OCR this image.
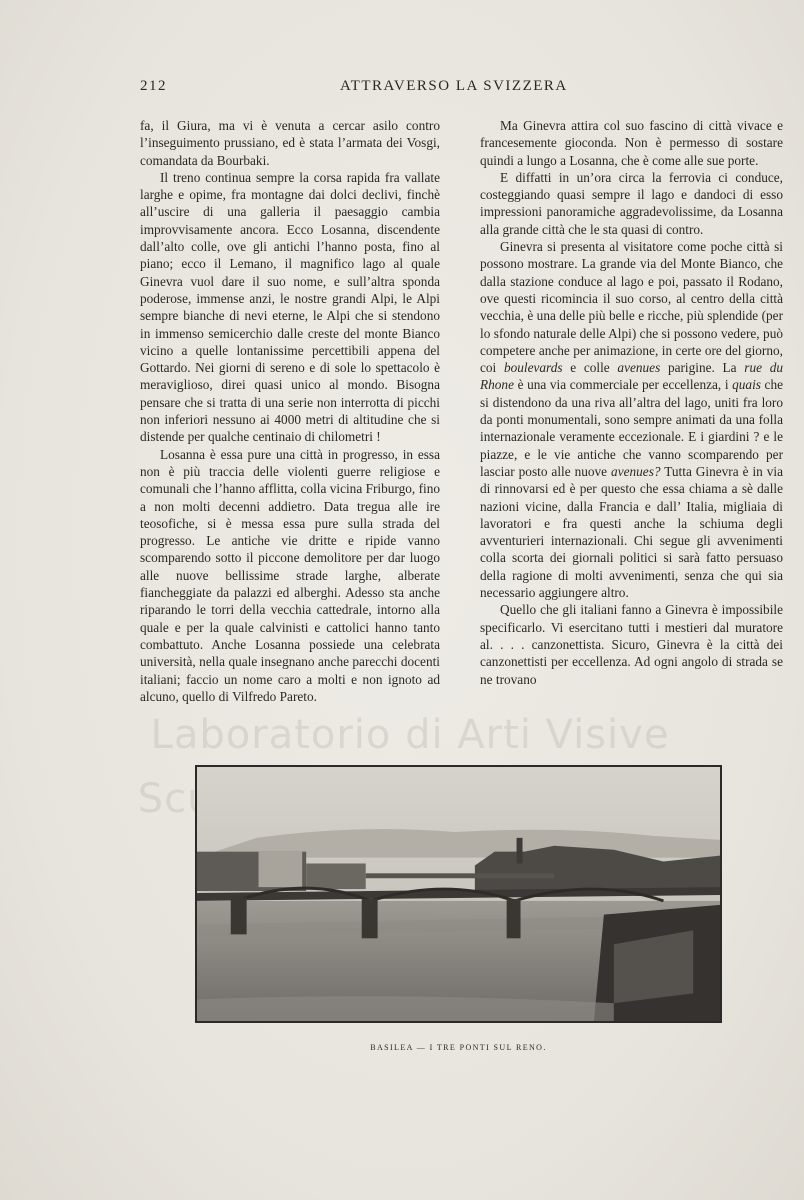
212	ATTRAVERSO LA SVIZZERA

fa, il Giura, ma vi è venuta a cercar asilo contro l’inseguimento prussiano, ed è stata l’armata dei Vosgi, comandata da Bourbaki.

Il treno continua sempre la corsa rapida fra vallate larghe e opime, fra montagne dai dolci declivi, finchè all’uscire di una galleria il paesaggio cambia improvvisamente ancora. Ecco Losanna, discendente dall’alto colle, ove gli antichi l’hanno posta, fino al piano; ecco il Lemano, il magnifico lago al quale Ginevra vuol dare il suo nome, e sull’altra sponda poderose, immense anzi, le nostre grandi Alpi, le Alpi sempre bianche di nevi eterne, le Alpi che si stendono in immenso semicerchio dalle creste del monte Bianco vicino a quelle lontanissime percettibili appena del Gottardo. Nei giorni di sereno e di sole lo spettacolo è meraviglioso, direi quasi unico al mondo. Bisogna pensare che si tratta di una serie non interrotta di picchi non inferiori nessuno ai 4000 metri di altitudine che si distende per qualche centinaio di chilometri !

Losanna è essa pure una città in progresso, in essa non è più traccia delle violenti guerre religiose e comunali che l’hanno afflitta, colla vicina Friburgo, fino a non molti decenni addietro. Data tregua alle ire teosofiche, si è messa essa pure sulla strada del progresso. Le antiche vie dritte e ripide vanno scomparendo sotto il piccone demolitore per dar luogo alle nuove bellissime strade larghe, alberate fiancheggiate da palazzi ed alberghi. Adesso sta anche riparando le torri della vecchia cattedrale, intorno alla quale e per la quale calvinisti e cattolici hanno tanto combattuto. Anche Losanna possiede una celebrata università, nella quale insegnano anche parecchi docenti italiani; faccio un nome caro a molti e non ignoto ad alcuno, quello di Vilfredo Pareto.

Ma Ginevra attira col suo fascino di città vivace e francesemente gioconda. Non è permesso di sostare quindi a lungo a Losanna, che è come alle sue porte.

E diffatti in un’ora circa la ferrovia ci conduce, costeggiando quasi sempre il lago e dandoci di esso impressioni panoramiche aggradevolissime, da Losanna alla grande città che le sta quasi di contro.

Ginevra si presenta al visitatore come poche città si possono mostrare. La grande via del Monte Bianco, che dalla stazione conduce al lago e poi, passato il Rodano, ove questi ricomincia il suo corso, al centro della città vecchia, è una delle più belle e ricche, più splendide (per lo sfondo naturale delle Alpi) che si possono vedere, può competere anche per animazione, in certe ore del giorno, coi boulevards e colle avenues parigine. La rue du Rhone è una via commerciale per eccellenza, i quais che si distendono da una riva all’altra del lago, uniti fra loro da ponti monumentali, sono sempre animati da una folla internazionale veramente eccezionale. E i giardini ? e le piazze, e le vie antiche che vanno scomparendo per lasciar posto alle nuove avenues? Tutta Ginevra è in via di rinnovarsi ed è per questo che essa chiama a sè dalle nazioni vicine, dalla Francia e dall’ Italia, migliaia di lavoratori e fra questi anche la schiuma degli avventurieri internazionali. Chi segue gli avvenimenti colla scorta dei giornali politici si sarà fatto persuaso della ragione di molti avvenimenti, senza che qui sia necessario aggiungere altro.

Quello che gli italiani fanno a Ginevra è impossibile specificarlo. Vi esercitano tutti i mestieri dal muratore al. . . . canzonettista. Sicuro, Ginevra è la città dei canzonettisti per eccellenza. Ad ogni angolo di strada se ne trovano

Laboratorio di Arti Visive
BASILEA — I TRE PONTI SUL RENO.
